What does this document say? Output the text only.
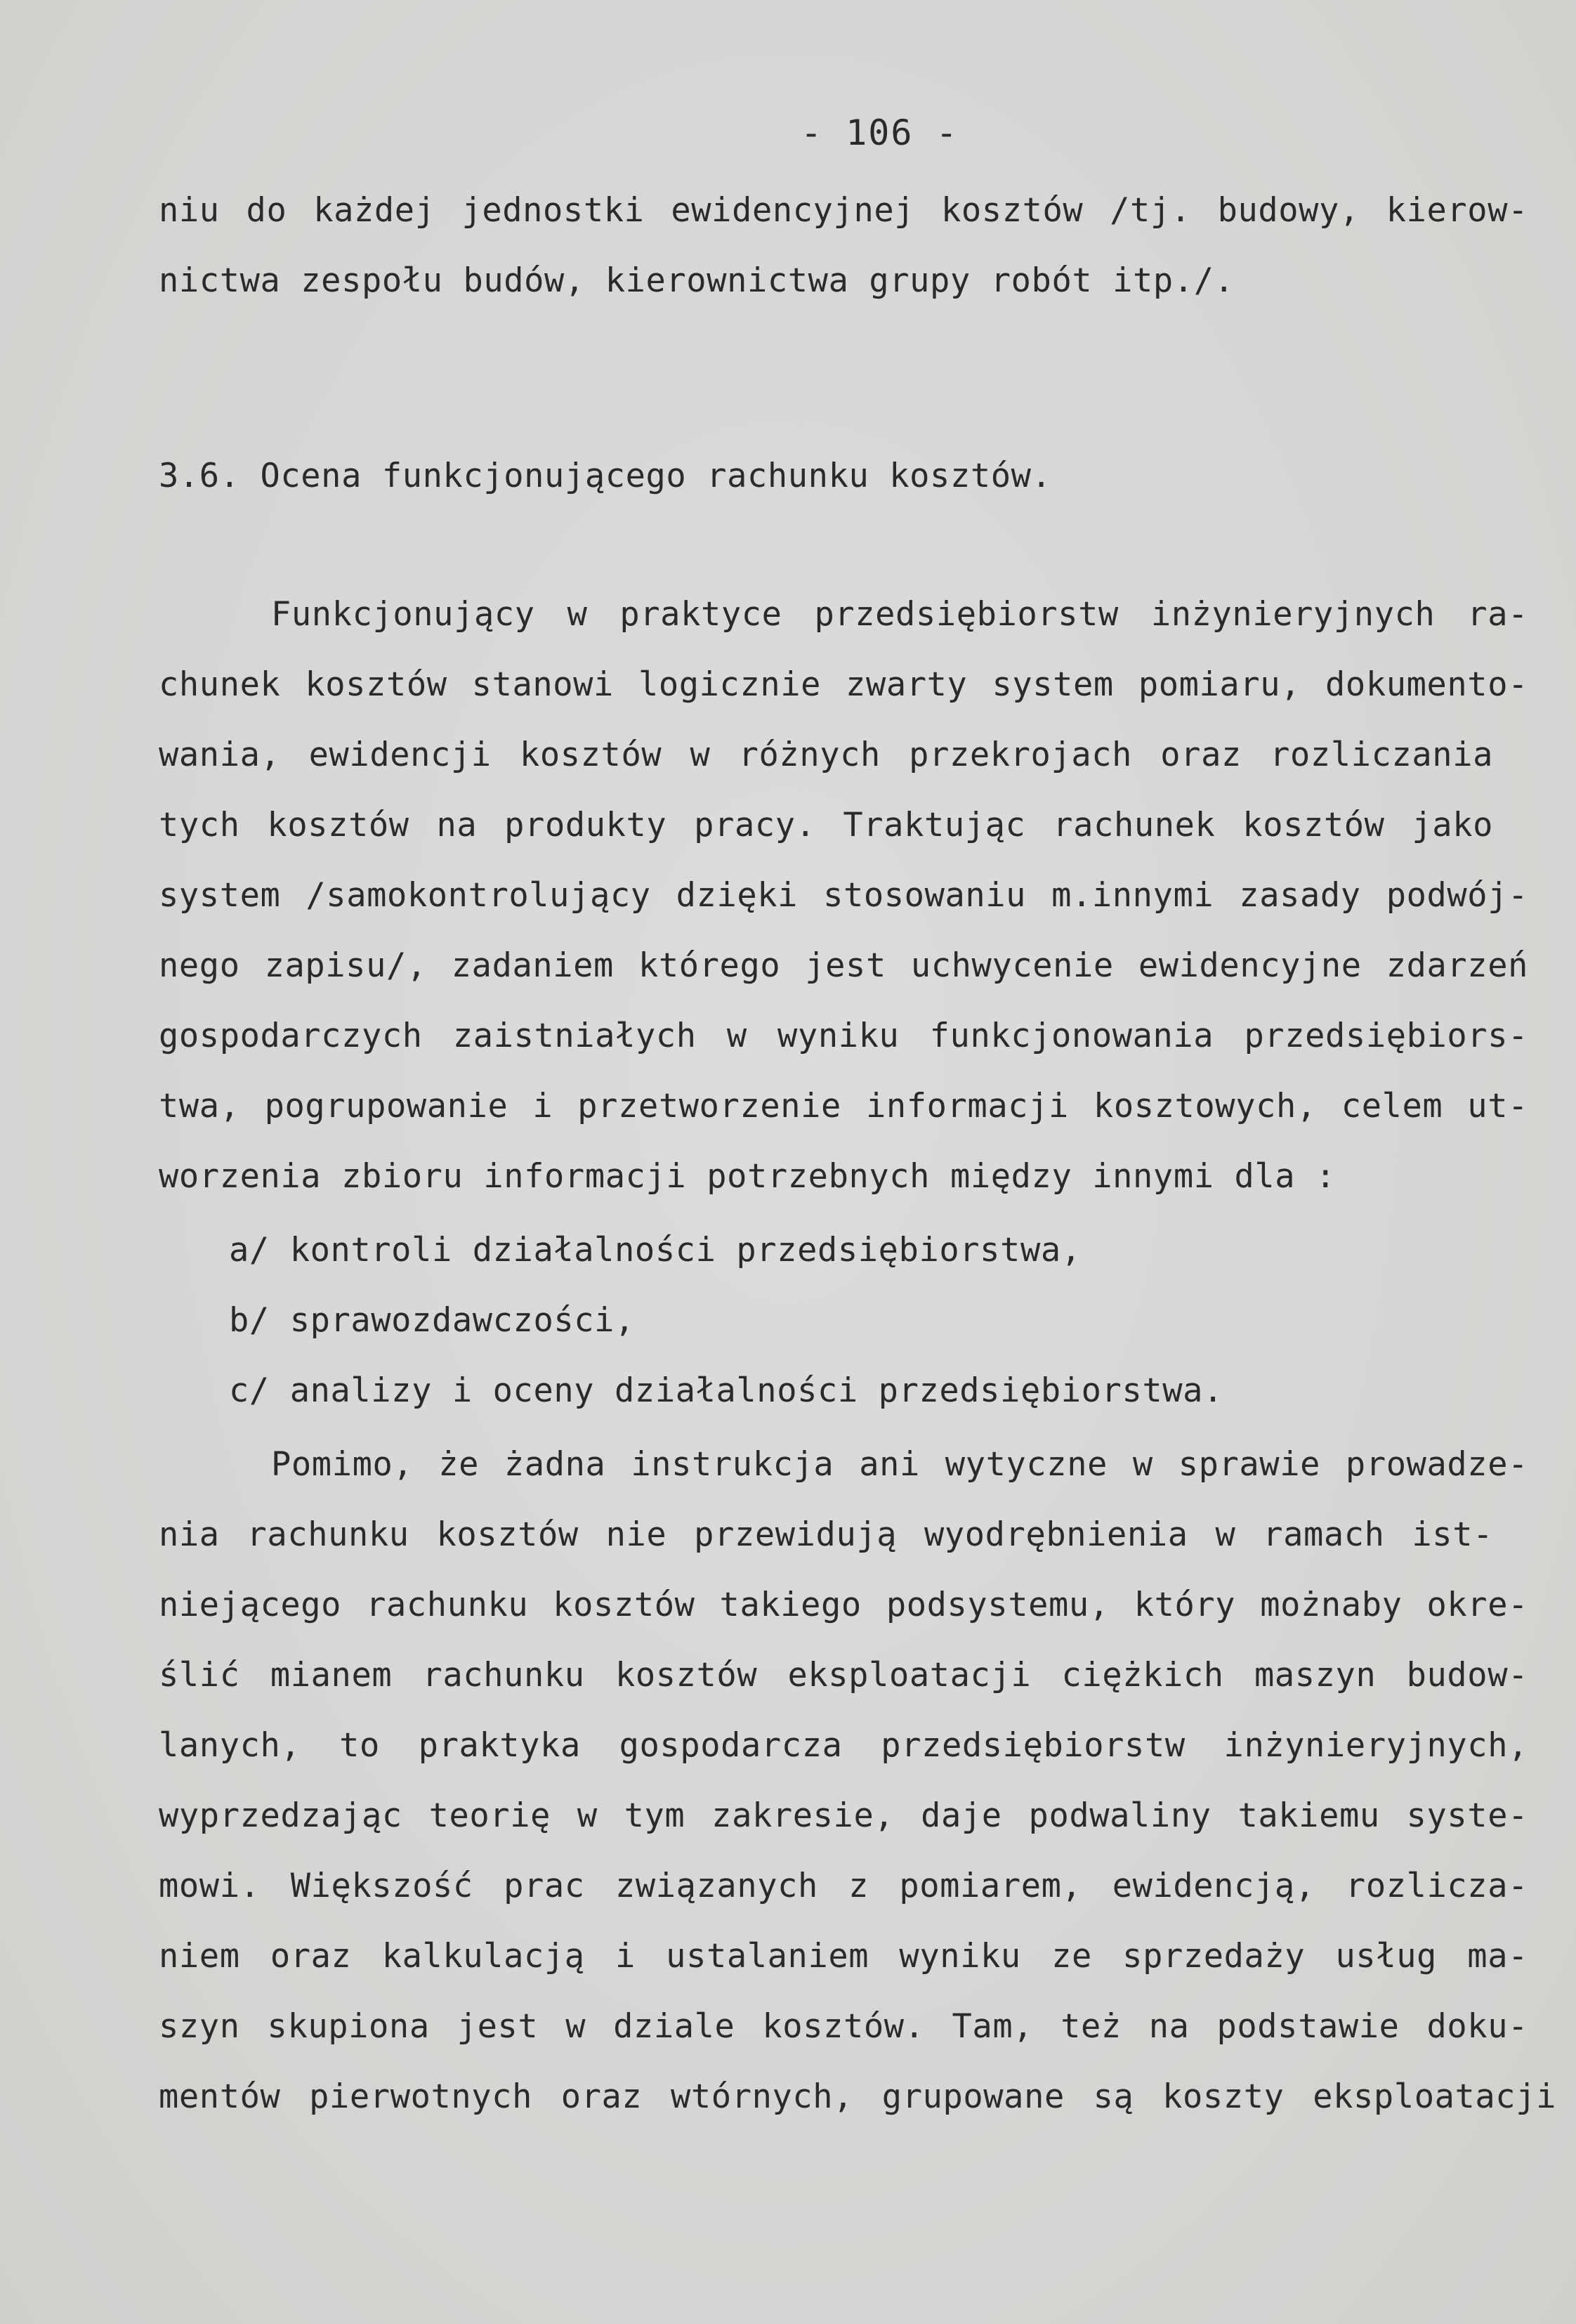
- 106 -
niu do każdej jednostki ewidencyjnej kosztów /tj. budowy, kierow-
nictwa zespołu budów, kierownictwa grupy robót itp./.
3.6. Ocena funkcjonującego rachunku kosztów.
Funkcjonujący w praktyce przedsiębiorstw inżynieryjnych ra-
chunek kosztów stanowi logicznie zwarty system pomiaru, dokumento-
wania, ewidencji kosztów w różnych przekrojach oraz rozliczania
tych kosztów na produkty pracy. Traktując rachunek kosztów jako
system /samokontrolujący dzięki stosowaniu m.innymi zasady podwój-
nego zapisu/, zadaniem którego jest uchwycenie ewidencyjne zdarzeń
gospodarczych zaistniałych w wyniku funkcjonowania przedsiębiors-
twa, pogrupowanie i przetworzenie informacji kosztowych, celem ut-
worzenia zbioru informacji potrzebnych między innymi dla :
a/ kontroli działalności przedsiębiorstwa,
b/ sprawozdawczości,
c/ analizy i oceny działalności przedsiębiorstwa.
Pomimo, że żadna instrukcja ani wytyczne w sprawie prowadze-
nia rachunku kosztów nie przewidują wyodrębnienia w ramach ist-
niejącego rachunku kosztów takiego podsystemu, który możnaby okre-
ślić mianem rachunku kosztów eksploatacji ciężkich maszyn budow-
lanych, to praktyka gospodarcza przedsiębiorstw inżynieryjnych,
wyprzedzając teorię w tym zakresie, daje podwaliny takiemu syste-
mowi. Większość prac związanych z pomiarem, ewidencją, rozlicza-
niem oraz kalkulacją i ustalaniem wyniku ze sprzedaży usług ma-
szyn skupiona jest w dziale kosztów. Tam, też na podstawie doku-
mentów pierwotnych oraz wtórnych, grupowane są koszty eksploatacji
